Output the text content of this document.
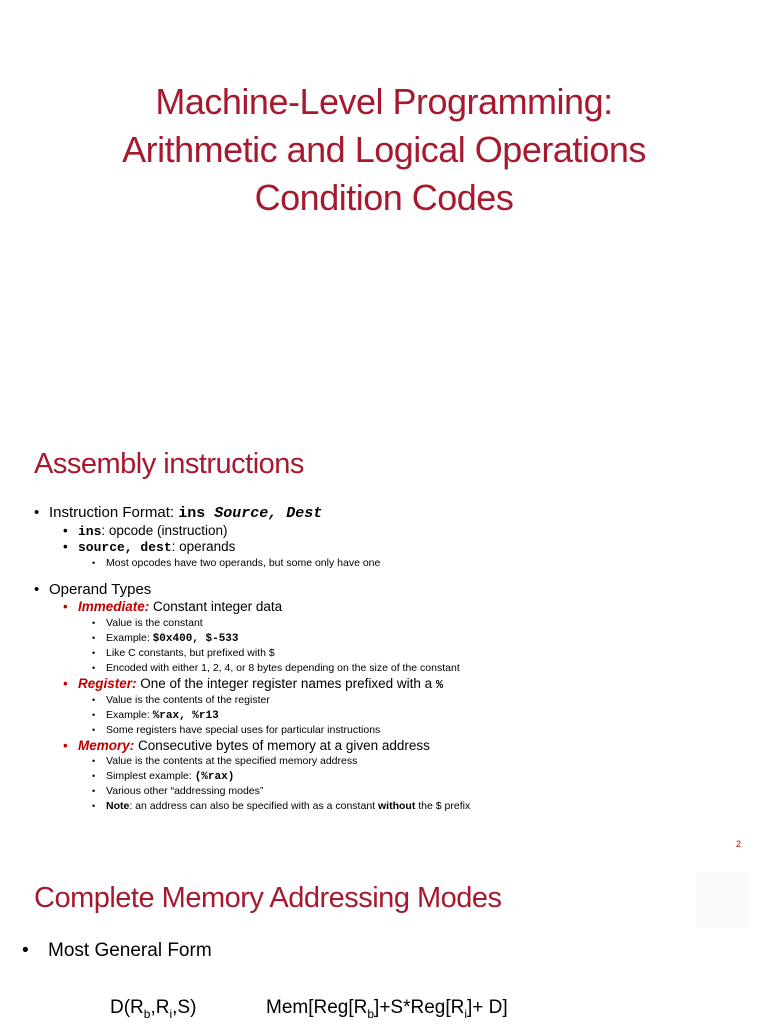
Machine-Level Programming:
Arithmetic and Logical Operations
Condition Codes
Assembly instructions
• Instruction Format: ins Source, Dest
• ins: opcode (instruction)
• source, dest: operands
• Most opcodes have two operands, but some only have one
• Operand Types
• Immediate: Constant integer data
• Value is the constant
• Example: $0x400, $-533
• Like C constants, but prefixed with $
• Encoded with either 1, 2, 4, or 8 bytes depending on the size of the constant
• Register: One of the integer register names prefixed with a %
• Value is the contents of the register
• Example: %rax, %r13
• Some registers have special uses for particular instructions
• Memory: Consecutive bytes of memory at a given address
• Value is the contents at the specified memory address
• Simplest example: (%rax)
• Various other “addressing modes”
• Note: an address can also be specified with as a constant without the $ prefix
2
Complete Memory Addressing Modes
• Most General Form
$D(R_b,R_i,S)$	$Mem[Reg[R_b]+S*Reg[R_i]+ D]$
